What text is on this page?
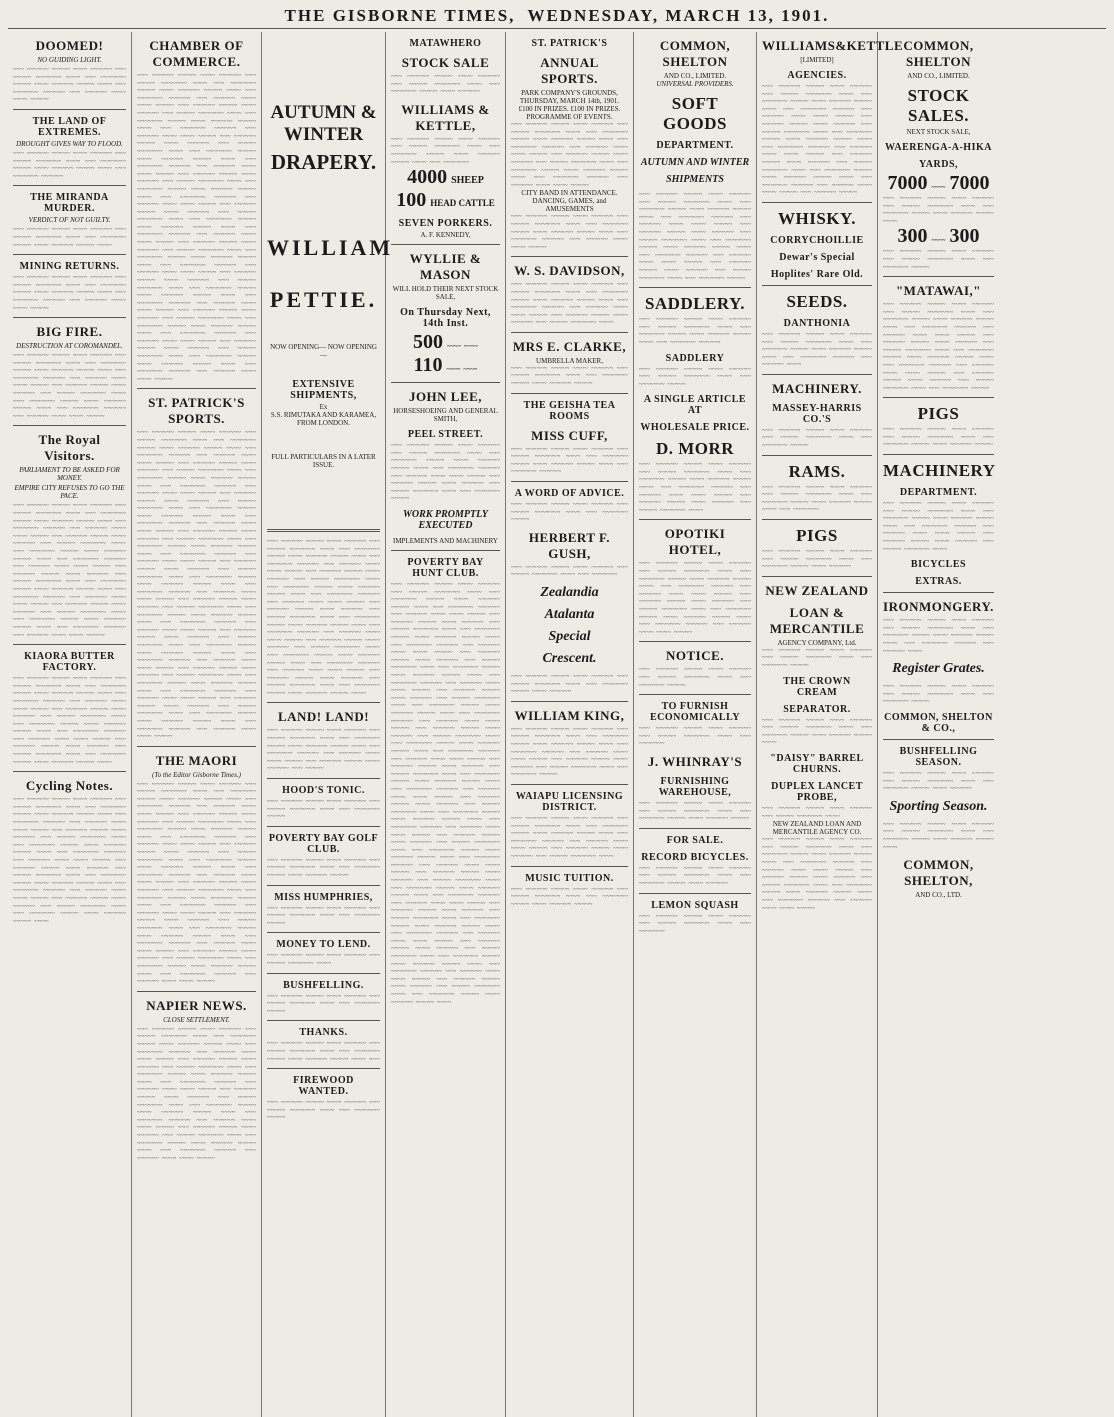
THE GISBORNE TIMES, WEDNESDAY, MARCH 13, 1901.
DOOMED!
NO GUIDING LIGHT.
~~~ ~~~~~~ ~~~~~ ~~~~ ~~~~~~ ~~~ ~~~~~ ~~~~~~~ ~~~~ ~~~ ~~~~~~~ ~~~~~ ~~~~ ~~~~~~ ~~~~~ ~~~~ ~~~ ~~~~~~~ ~~~~~~ ~~~ ~~~~~~ ~~~~ ~~~~ ~~~~~
THE LAND OF EXTREMES.
DROUGHT GIVES WAY TO FLOOD.
~~~ ~~~~~~ ~~~~~ ~~~~ ~~~~~~ ~~~ ~~~~~ ~~~~~~~ ~~~~ ~~~ ~~~~~~~ ~~~~~ ~~~~ ~~~~~~ ~~~~~ ~~~~ ~~~ ~~~~~~~ ~~~~~~
THE MIRANDA MURDER.
VERDICT OF NOT GUILTY.
~~~ ~~~~~~ ~~~~~ ~~~~ ~~~~~~ ~~~ ~~~~~ ~~~~~~~ ~~~~ ~~~ ~~~~~~~ ~~~~~ ~~~~ ~~~~~~ ~~~~~ ~~~~
MINING RETURNS.
~~~ ~~~~~~ ~~~~~ ~~~~ ~~~~~~ ~~~ ~~~~~ ~~~~~~~ ~~~~ ~~~ ~~~~~~~ ~~~~~ ~~~~ ~~~~~~ ~~~~~ ~~~~ ~~~ ~~~~~~~ ~~~~~~ ~~~ ~~~~~~ ~~~~ ~~~~ ~~~~~
BIG FIRE.
DESTRUCTION AT COROMANDEL.
~~~ ~~~~~~ ~~~~~ ~~~~ ~~~~~~ ~~~ ~~~~~ ~~~~~~~ ~~~~ ~~~ ~~~~~~~ ~~~~~ ~~~~ ~~~~~~ ~~~~~ ~~~~ ~~~ ~~~~~~~ ~~~~~~ ~~~ ~~~~~~ ~~~~ ~~~~ ~~~~~ ~~~ ~~~~~~ ~~~~~ ~~~~ ~~~~~~ ~~~ ~~~~~ ~~~~~~~ ~~~~ ~~~ ~~~~~~~ ~~~~~ ~~~~ ~~~~~~ ~~~~~ ~~~~ ~~~ ~~~~~~~ ~~~~~~ ~~~ ~~~~~~ ~~~~ ~~~~ ~~~~~
The Royal Visitors.
PARLIAMENT TO BE ASKED FOR MONEY.
EMPIRE CITY REFUSES TO GO THE PACE.
~~~ ~~~~~~ ~~~~~ ~~~~ ~~~~~~ ~~~ ~~~~~ ~~~~~~~ ~~~~ ~~~ ~~~~~~~ ~~~~~ ~~~~ ~~~~~~ ~~~~~ ~~~~ ~~~ ~~~~~~~ ~~~~~~ ~~~ ~~~~~~ ~~~~ ~~~~ ~~~~~ ~~~ ~~~~~~ ~~~~~ ~~~~ ~~~~~~ ~~~ ~~~~~ ~~~~~~~ ~~~~ ~~~ ~~~~~~~ ~~~~~ ~~~~ ~~~~~~ ~~~~~ ~~~~ ~~~ ~~~~~~~ ~~~~~~ ~~~ ~~~~~~ ~~~~ ~~~~ ~~~~~ ~~~ ~~~~~~ ~~~~~ ~~~~ ~~~~~~ ~~~ ~~~~~ ~~~~~~~ ~~~~ ~~~ ~~~~~~~ ~~~~~ ~~~~ ~~~~~~ ~~~~~ ~~~~ ~~~ ~~~~~~~ ~~~~~~ ~~~ ~~~~~~ ~~~~ ~~~~ ~~~~~ ~~~ ~~~~~~ ~~~~~ ~~~~ ~~~~~~ ~~~ ~~~~~ ~~~~~~~ ~~~~ ~~~ ~~~~~~~ ~~~~~ ~~~~ ~~~~~~ ~~~~~ ~~~~ ~~~ ~~~~~~~ ~~~~~~ ~~~ ~~~~~~ ~~~~ ~~~~ ~~~~~
KIAORA BUTTER FACTORY.
~~~ ~~~~~~ ~~~~~ ~~~~ ~~~~~~ ~~~ ~~~~~ ~~~~~~~ ~~~~ ~~~ ~~~~~~~ ~~~~~ ~~~~ ~~~~~~ ~~~~~ ~~~~ ~~~ ~~~~~~~ ~~~~~~ ~~~ ~~~~~~ ~~~~ ~~~~ ~~~~~ ~~~ ~~~~~~ ~~~~~ ~~~~ ~~~~~~ ~~~ ~~~~~ ~~~~~~~ ~~~~ ~~~ ~~~~~~~ ~~~~~ ~~~~ ~~~~~~ ~~~~~ ~~~~ ~~~ ~~~~~~~ ~~~~~~ ~~~ ~~~~~~ ~~~~ ~~~~ ~~~~~ ~~~ ~~~~~~ ~~~~~ ~~~~ ~~~~~~ ~~~ ~~~~~ ~~~~~~~ ~~~~ ~~~ ~~~~~~~ ~~~~~ ~~~~ ~~~~~~ ~~~~~ ~~~~
Cycling Notes.
~~~ ~~~~~~ ~~~~~ ~~~~ ~~~~~~ ~~~ ~~~~~ ~~~~~~~ ~~~~ ~~~ ~~~~~~~ ~~~~~ ~~~~ ~~~~~~ ~~~~~ ~~~~ ~~~ ~~~~~~~ ~~~~~~ ~~~ ~~~~~~ ~~~~ ~~~~ ~~~~~ ~~~ ~~~~~~ ~~~~~ ~~~~ ~~~~~~ ~~~ ~~~~~ ~~~~~~~ ~~~~ ~~~ ~~~~~~~ ~~~~~ ~~~~ ~~~~~~ ~~~~~ ~~~~ ~~~ ~~~~~~~ ~~~~~~ ~~~ ~~~~~~ ~~~~ ~~~~ ~~~~~ ~~~ ~~~~~~ ~~~~~ ~~~~ ~~~~~~ ~~~ ~~~~~ ~~~~~~~ ~~~~ ~~~ ~~~~~~~ ~~~~~ ~~~~ ~~~~~~ ~~~~~ ~~~~ ~~~ ~~~~~~~ ~~~~~~ ~~~ ~~~~~~ ~~~~ ~~~~ ~~~~~ ~~~ ~~~~~~ ~~~~~ ~~~~ ~~~~~~ ~~~ ~~~~~ ~~~~~~~ ~~~~ ~~~ ~~~~~~~ ~~~~~ ~~~~ ~~~~~~ ~~~~~ ~~~~
CHAMBER OF COMMERCE.
~~~ ~~~~~~ ~~~~~ ~~~~ ~~~~~~ ~~~ ~~~~~ ~~~~~~~ ~~~~ ~~~ ~~~~~~~ ~~~~~ ~~~~ ~~~~~~ ~~~~~ ~~~~ ~~~ ~~~~~~~ ~~~~~~ ~~~ ~~~~~~ ~~~~ ~~~~ ~~~~~ ~~~ ~~~~~~ ~~~~~ ~~~~ ~~~~~~ ~~~ ~~~~~ ~~~~~~~ ~~~~ ~~~ ~~~~~~~ ~~~~~ ~~~~ ~~~~~~ ~~~~~ ~~~~ ~~~ ~~~~~~~ ~~~~~~ ~~~ ~~~~~~ ~~~~ ~~~~ ~~~~~ ~~~ ~~~~~~ ~~~~~ ~~~~ ~~~~~~ ~~~ ~~~~~ ~~~~~~~ ~~~~ ~~~ ~~~~~~~ ~~~~~ ~~~~ ~~~~~~ ~~~~~ ~~~~ ~~~ ~~~~~~~ ~~~~~~ ~~~ ~~~~~~ ~~~~ ~~~~ ~~~~~ ~~~ ~~~~~~ ~~~~~ ~~~~ ~~~~~~ ~~~ ~~~~~ ~~~~~~~ ~~~~ ~~~ ~~~~~~~ ~~~~~ ~~~~ ~~~~~~ ~~~~~ ~~~~ ~~~ ~~~~~~~ ~~~~~~ ~~~ ~~~~~~ ~~~~ ~~~~ ~~~~~ ~~~ ~~~~~~ ~~~~~ ~~~~ ~~~~~~ ~~~ ~~~~~ ~~~~~~~ ~~~~ ~~~ ~~~~~~~ ~~~~~ ~~~~ ~~~~~~ ~~~~~ ~~~~ ~~~ ~~~~~~~ ~~~~~~ ~~~ ~~~~~~ ~~~~ ~~~~ ~~~~~ ~~~ ~~~~~~ ~~~~~ ~~~~ ~~~~~~ ~~~ ~~~~~ ~~~~~~~ ~~~~ ~~~ ~~~~~~~ ~~~~~ ~~~~ ~~~~~~ ~~~~~ ~~~~ ~~~ ~~~~~~~ ~~~~~~ ~~~ ~~~~~~ ~~~~ ~~~~ ~~~~~ ~~~ ~~~~~~ ~~~~~ ~~~~ ~~~~~~ ~~~ ~~~~~ ~~~~~~~ ~~~~ ~~~ ~~~~~~~ ~~~~~ ~~~~ ~~~~~~ ~~~~~ ~~~~ ~~~ ~~~~~~~ ~~~~~~ ~~~ ~~~~~~ ~~~~ ~~~~ ~~~~~ ~~~ ~~~~~~ ~~~~~ ~~~~ ~~~~~~ ~~~ ~~~~~ ~~~~~~~ ~~~~ ~~~ ~~~~~~~ ~~~~~ ~~~~ ~~~~~~ ~~~~~ ~~~~ ~~~ ~~~~~~~ ~~~~~~ ~~~ ~~~~~~ ~~~~ ~~~~ ~~~~~ ~~~ ~~~~~~ ~~~~~ ~~~~ ~~~~~~ ~~~ ~~~~~ ~~~~~~~ ~~~~ ~~~ ~~~~~~~ ~~~~~ ~~~~ ~~~~~~ ~~~~~ ~~~~ ~~~ ~~~~~~~ ~~~~~~ ~~~ ~~~~~~ ~~~~ ~~~~ ~~~~~
ST. PATRICK'S SPORTS.
~~~ ~~~~~~ ~~~~~ ~~~~ ~~~~~~ ~~~ ~~~~~ ~~~~~~~ ~~~~ ~~~ ~~~~~~~ ~~~~~ ~~~~ ~~~~~~ ~~~~~ ~~~~ ~~~ ~~~~~~~ ~~~~~~ ~~~ ~~~~~~ ~~~~ ~~~~ ~~~~~ ~~~ ~~~~~~ ~~~~~ ~~~~ ~~~~~~ ~~~ ~~~~~ ~~~~~~~ ~~~~ ~~~ ~~~~~~~ ~~~~~ ~~~~ ~~~~~~ ~~~~~ ~~~~ ~~~ ~~~~~~~ ~~~~~~ ~~~ ~~~~~~ ~~~~ ~~~~ ~~~~~ ~~~ ~~~~~~ ~~~~~ ~~~~ ~~~~~~ ~~~ ~~~~~ ~~~~~~~ ~~~~ ~~~ ~~~~~~~ ~~~~~ ~~~~ ~~~~~~ ~~~~~ ~~~~ ~~~ ~~~~~~~ ~~~~~~ ~~~ ~~~~~~ ~~~~ ~~~~ ~~~~~ ~~~ ~~~~~~ ~~~~~ ~~~~ ~~~~~~ ~~~ ~~~~~ ~~~~~~~ ~~~~ ~~~ ~~~~~~~ ~~~~~ ~~~~ ~~~~~~ ~~~~~ ~~~~ ~~~ ~~~~~~~ ~~~~~~ ~~~ ~~~~~~ ~~~~ ~~~~ ~~~~~ ~~~ ~~~~~~ ~~~~~ ~~~~ ~~~~~~ ~~~ ~~~~~ ~~~~~~~ ~~~~ ~~~ ~~~~~~~ ~~~~~ ~~~~ ~~~~~~ ~~~~~ ~~~~ ~~~ ~~~~~~~ ~~~~~~ ~~~ ~~~~~~ ~~~~ ~~~~ ~~~~~ ~~~ ~~~~~~ ~~~~~ ~~~~ ~~~~~~ ~~~ ~~~~~ ~~~~~~~ ~~~~ ~~~ ~~~~~~~ ~~~~~ ~~~~ ~~~~~~ ~~~~~ ~~~~ ~~~ ~~~~~~~ ~~~~~~ ~~~ ~~~~~~ ~~~~ ~~~~ ~~~~~ ~~~ ~~~~~~ ~~~~~ ~~~~ ~~~~~~ ~~~ ~~~~~ ~~~~~~~ ~~~~ ~~~ ~~~~~~~ ~~~~~ ~~~~ ~~~~~~ ~~~~~ ~~~~ ~~~ ~~~~~~~ ~~~~~~ ~~~ ~~~~~~ ~~~~ ~~~~ ~~~~~ ~~~ ~~~~~~ ~~~~~ ~~~~ ~~~~~~ ~~~ ~~~~~ ~~~~~~~ ~~~~ ~~~ ~~~~~~~ ~~~~~ ~~~~ ~~~~~~ ~~~~~ ~~~~ ~~~ ~~~~~~~ ~~~~~~ ~~~ ~~~~~~ ~~~~ ~~~~ ~~~~~ ~~~ ~~~~~~ ~~~~~ ~~~~ ~~~~~~ ~~~ ~~~~~ ~~~~~~~ ~~~~ ~~~ ~~~~~~~ ~~~~~ ~~~~ ~~~~~~ ~~~~~ ~~~~ ~~~ ~~~~~~~ ~~~~~~ ~~~ ~~~~~~ ~~~~ ~~~~ ~~~~~
THE MAORI
(To the Editor Gisborne Times.)
~~~ ~~~~~~ ~~~~~ ~~~~ ~~~~~~ ~~~ ~~~~~ ~~~~~~~ ~~~~ ~~~ ~~~~~~~ ~~~~~ ~~~~ ~~~~~~ ~~~~~ ~~~~ ~~~ ~~~~~~~ ~~~~~~ ~~~ ~~~~~~ ~~~~ ~~~~ ~~~~~ ~~~ ~~~~~~ ~~~~~ ~~~~ ~~~~~~ ~~~ ~~~~~ ~~~~~~~ ~~~~ ~~~ ~~~~~~~ ~~~~~ ~~~~ ~~~~~~ ~~~~~ ~~~~ ~~~ ~~~~~~~ ~~~~~~ ~~~ ~~~~~~ ~~~~ ~~~~ ~~~~~ ~~~ ~~~~~~ ~~~~~ ~~~~ ~~~~~~ ~~~ ~~~~~ ~~~~~~~ ~~~~ ~~~ ~~~~~~~ ~~~~~ ~~~~ ~~~~~~ ~~~~~ ~~~~ ~~~ ~~~~~~~ ~~~~~~ ~~~ ~~~~~~ ~~~~ ~~~~ ~~~~~ ~~~ ~~~~~~ ~~~~~ ~~~~ ~~~~~~ ~~~ ~~~~~ ~~~~~~~ ~~~~ ~~~ ~~~~~~~ ~~~~~ ~~~~ ~~~~~~ ~~~~~ ~~~~ ~~~ ~~~~~~~ ~~~~~~ ~~~ ~~~~~~ ~~~~ ~~~~ ~~~~~ ~~~ ~~~~~~ ~~~~~ ~~~~ ~~~~~~ ~~~ ~~~~~ ~~~~~~~ ~~~~ ~~~ ~~~~~~~ ~~~~~ ~~~~ ~~~~~~ ~~~~~ ~~~~ ~~~ ~~~~~~~ ~~~~~~ ~~~ ~~~~~~ ~~~~ ~~~~ ~~~~~ ~~~ ~~~~~~ ~~~~~ ~~~~ ~~~~~~ ~~~ ~~~~~ ~~~~~~~ ~~~~ ~~~ ~~~~~~~ ~~~~~ ~~~~ ~~~~~~ ~~~~~ ~~~~ ~~~ ~~~~~~~ ~~~~~~ ~~~ ~~~~~~ ~~~~ ~~~~ ~~~~~
NAPIER NEWS.
CLOSE SETTLEMENT.
~~~ ~~~~~~ ~~~~~ ~~~~ ~~~~~~ ~~~ ~~~~~ ~~~~~~~ ~~~~ ~~~ ~~~~~~~ ~~~~~ ~~~~ ~~~~~~ ~~~~~ ~~~~ ~~~ ~~~~~~~ ~~~~~~ ~~~ ~~~~~~ ~~~~ ~~~~ ~~~~~ ~~~ ~~~~~~ ~~~~~ ~~~~ ~~~~~~ ~~~ ~~~~~ ~~~~~~~ ~~~~ ~~~ ~~~~~~~ ~~~~~ ~~~~ ~~~~~~ ~~~~~ ~~~~ ~~~ ~~~~~~~ ~~~~~~ ~~~ ~~~~~~ ~~~~ ~~~~ ~~~~~ ~~~ ~~~~~~ ~~~~~ ~~~~ ~~~~~~ ~~~ ~~~~~ ~~~~~~~ ~~~~ ~~~ ~~~~~~~ ~~~~~ ~~~~ ~~~~~~ ~~~~~ ~~~~ ~~~ ~~~~~~~ ~~~~~~ ~~~ ~~~~~~ ~~~~ ~~~~ ~~~~~ ~~~ ~~~~~~ ~~~~~ ~~~~ ~~~~~~ ~~~ ~~~~~ ~~~~~~~ ~~~~ ~~~ ~~~~~~~ ~~~~~ ~~~~ ~~~~~~ ~~~~~ ~~~~ ~~~ ~~~~~~~ ~~~~~~ ~~~ ~~~~~~ ~~~~ ~~~~ ~~~~~
AUTUMN & WINTER
DRAPERY.
WILLIAM
PETTIE.
NOW OPENING— NOW OPENING—
EXTENSIVE SHIPMENTS,
Ex
S.S. RIMUTAKA AND KARAMEA,
FROM LONDON.
FULL PARTICULARS IN A LATER ISSUE.
~~~ ~~~~~~ ~~~~~ ~~~~ ~~~~~~ ~~~ ~~~~~ ~~~~~~~ ~~~~ ~~~ ~~~~~~~ ~~~~~ ~~~~ ~~~~~~ ~~~~~ ~~~~ ~~~ ~~~~~~~ ~~~~~~ ~~~ ~~~~~~ ~~~~ ~~~~ ~~~~~ ~~~ ~~~~~~ ~~~~~ ~~~~ ~~~~~~ ~~~ ~~~~~ ~~~~~~~ ~~~~ ~~~ ~~~~~~~ ~~~~~ ~~~~ ~~~~~~ ~~~~~ ~~~~ ~~~ ~~~~~~~ ~~~~~~ ~~~ ~~~~~~ ~~~~ ~~~~ ~~~~~ ~~~ ~~~~~~ ~~~~~ ~~~~ ~~~~~~ ~~~ ~~~~~ ~~~~~~~ ~~~~ ~~~ ~~~~~~~ ~~~~~ ~~~~ ~~~~~~ ~~~~~ ~~~~ ~~~ ~~~~~~~ ~~~~~~ ~~~ ~~~~~~ ~~~~ ~~~~ ~~~~~ ~~~ ~~~~~~ ~~~~~ ~~~~ ~~~~~~ ~~~ ~~~~~ ~~~~~~~ ~~~~ ~~~ ~~~~~~~ ~~~~~ ~~~~ ~~~~~~ ~~~~~ ~~~~ ~~~ ~~~~~~~ ~~~~~~ ~~~ ~~~~~~ ~~~~ ~~~~ ~~~~~ ~~~ ~~~~~~ ~~~~~ ~~~~ ~~~~~~ ~~~ ~~~~~ ~~~~~~~ ~~~~ ~~~ ~~~~~~~ ~~~~~ ~~~~ ~~~~~~ ~~~~~ ~~~~
LAND! LAND!
~~~ ~~~~~~ ~~~~~ ~~~~ ~~~~~~ ~~~ ~~~~~ ~~~~~~~ ~~~~ ~~~ ~~~~~~~ ~~~~~ ~~~~ ~~~~~~ ~~~~~ ~~~~ ~~~ ~~~~~~~ ~~~~~~ ~~~ ~~~~~~ ~~~~ ~~~~ ~~~~~ ~~~ ~~~~~~ ~~~~~ ~~~~ ~~~~~~ ~~~ ~~~~~
HOOD'S TONIC.
~~~ ~~~~~~ ~~~~~ ~~~~ ~~~~~~ ~~~ ~~~~~ ~~~~~~~ ~~~~ ~~~ ~~~~~~~ ~~~~~
POVERTY BAY GOLF CLUB.
~~~ ~~~~~~ ~~~~~ ~~~~ ~~~~~~ ~~~ ~~~~~ ~~~~~~~ ~~~~ ~~~ ~~~~~~~ ~~~~~ ~~~~ ~~~~~~ ~~~~~
MISS HUMPHRIES,
~~~ ~~~~~~ ~~~~~ ~~~~ ~~~~~~ ~~~ ~~~~~ ~~~~~~~ ~~~~ ~~~ ~~~~~~~ ~~~~~
MONEY TO LEND.
~~~ ~~~~~~ ~~~~~ ~~~~ ~~~~~~ ~~~ ~~~~~ ~~~~~~~ ~~~~
BUSHFELLING.
~~~ ~~~~~~ ~~~~~ ~~~~ ~~~~~~ ~~~ ~~~~~ ~~~~~~~ ~~~~ ~~~ ~~~~~~~ ~~~~~
THANKS.
~~~ ~~~~~~ ~~~~~ ~~~~ ~~~~~~ ~~~ ~~~~~ ~~~~~~~ ~~~~ ~~~ ~~~~~~~ ~~~~~ ~~~~ ~~~~~~ ~~~~~ ~~~~ ~~~
FIREWOOD WANTED.
~~~ ~~~~~~ ~~~~~ ~~~~ ~~~~~~ ~~~ ~~~~~ ~~~~~~~ ~~~~ ~~~ ~~~~~~~ ~~~~~
MATAWHERO
STOCK SALE
~~~ ~~~~~~ ~~~~~ ~~~~ ~~~~~~ ~~~ ~~~~~ ~~~~~~~ ~~~~ ~~~ ~~~~~~~ ~~~~~ ~~~~ ~~~~~~
WILLIAMS & KETTLE,
~~~ ~~~~~~ ~~~~~ ~~~~ ~~~~~~ ~~~ ~~~~~ ~~~~~~~ ~~~~ ~~~ ~~~~~~~ ~~~~~ ~~~~ ~~~~~~ ~~~~~ ~~~~ ~~~ ~~~~~~~
4000 SHEEP
100 HEAD CATTLE
SEVEN PORKERS.
A. F. KENNEDY,
WYLLIE & MASON
WILL HOLD THEIR NEXT STOCK SALE,
On Thursday Next, 14th Inst.
500 ~~~~ ~~~~
110 ~~~~ ~~~~
JOHN LEE,
HORSESHOEING AND GENERAL SMITH,
PEEL STREET.
~~~ ~~~~~~ ~~~~~ ~~~~ ~~~~~~ ~~~ ~~~~~ ~~~~~~~ ~~~~ ~~~ ~~~~~~~ ~~~~~ ~~~~ ~~~~~~ ~~~~~ ~~~~ ~~~ ~~~~~~~ ~~~~~~ ~~~ ~~~~~~ ~~~~ ~~~~ ~~~~~ ~~~ ~~~~~~ ~~~~~ ~~~~ ~~~~~~ ~~~ ~~~~~ ~~~~~~~ ~~~~ ~~~ ~~~~~~~ ~~~~~
WORK PROMPTLY EXECUTED
IMPLEMENTS AND MACHINERY
POVERTY BAY HUNT CLUB.
~~~ ~~~~~~ ~~~~~ ~~~~ ~~~~~~ ~~~ ~~~~~ ~~~~~~~ ~~~~ ~~~ ~~~~~~~ ~~~~~ ~~~~ ~~~~~~ ~~~~~ ~~~~ ~~~ ~~~~~~~ ~~~~~~ ~~~ ~~~~~~ ~~~~ ~~~~ ~~~~~ ~~~ ~~~~~~ ~~~~~ ~~~~ ~~~~~~ ~~~ ~~~~~ ~~~~~~~ ~~~~ ~~~ ~~~~~~~ ~~~~~ ~~~~ ~~~~~~ ~~~~~ ~~~~ ~~~ ~~~~~~~ ~~~~~~ ~~~ ~~~~~~ ~~~~ ~~~~ ~~~~~ ~~~ ~~~~~~ ~~~~~ ~~~~ ~~~~~~ ~~~ ~~~~~ ~~~~~~~ ~~~~ ~~~ ~~~~~~~ ~~~~~ ~~~~ ~~~~~~ ~~~~~ ~~~~ ~~~ ~~~~~~~ ~~~~~~ ~~~ ~~~~~~ ~~~~ ~~~~ ~~~~~ ~~~ ~~~~~~ ~~~~~ ~~~~ ~~~~~~ ~~~ ~~~~~ ~~~~~~~ ~~~~ ~~~ ~~~~~~~ ~~~~~ ~~~~ ~~~~~~ ~~~~~ ~~~~ ~~~ ~~~~~~~ ~~~~~~ ~~~ ~~~~~~ ~~~~ ~~~~ ~~~~~ ~~~ ~~~~~~ ~~~~~ ~~~~ ~~~~~~ ~~~ ~~~~~ ~~~~~~~ ~~~~ ~~~ ~~~~~~~ ~~~~~ ~~~~ ~~~~~~ ~~~~~ ~~~~ ~~~ ~~~~~~~ ~~~~~~ ~~~ ~~~~~~ ~~~~ ~~~~ ~~~~~ ~~~ ~~~~~~ ~~~~~ ~~~~ ~~~~~~ ~~~ ~~~~~ ~~~~~~~ ~~~~ ~~~ ~~~~~~~ ~~~~~ ~~~~ ~~~~~~ ~~~~~ ~~~~ ~~~ ~~~~~~~ ~~~~~~ ~~~ ~~~~~~ ~~~~ ~~~~ ~~~~~ ~~~ ~~~~~~ ~~~~~ ~~~~ ~~~~~~ ~~~ ~~~~~ ~~~~~~~ ~~~~ ~~~ ~~~~~~~ ~~~~~ ~~~~ ~~~~~~ ~~~~~ ~~~~ ~~~ ~~~~~~~ ~~~~~~ ~~~ ~~~~~~ ~~~~ ~~~~ ~~~~~ ~~~ ~~~~~~ ~~~~~ ~~~~ ~~~~~~ ~~~ ~~~~~ ~~~~~~~ ~~~~ ~~~ ~~~~~~~ ~~~~~ ~~~~ ~~~~~~ ~~~~~ ~~~~ ~~~ ~~~~~~~ ~~~~~~ ~~~ ~~~~~~ ~~~~ ~~~~ ~~~~~ ~~~ ~~~~~~ ~~~~~ ~~~~ ~~~~~~ ~~~ ~~~~~ ~~~~~~~ ~~~~ ~~~ ~~~~~~~ ~~~~~ ~~~~ ~~~~~~ ~~~~~ ~~~~ ~~~ ~~~~~~~ ~~~~~~ ~~~ ~~~~~~ ~~~~ ~~~~ ~~~~~ ~~~ ~~~~~~ ~~~~~ ~~~~ ~~~~~~ ~~~ ~~~~~ ~~~~~~~ ~~~~ ~~~ ~~~~~~~ ~~~~~ ~~~~ ~~~~~~ ~~~~~ ~~~~ ~~~ ~~~~~~~ ~~~~~~ ~~~ ~~~~~~ ~~~~ ~~~~ ~~~~~ ~~~ ~~~~~~ ~~~~~ ~~~~ ~~~~~~ ~~~ ~~~~~ ~~~~~~~ ~~~~ ~~~ ~~~~~~~ ~~~~~ ~~~~ ~~~~~~ ~~~~~ ~~~~ ~~~ ~~~~~~~ ~~~~~~ ~~~ ~~~~~~ ~~~~ ~~~~ ~~~~~ ~~~ ~~~~~~ ~~~~~ ~~~~ ~~~~~~ ~~~ ~~~~~ ~~~~~~~ ~~~~ ~~~ ~~~~~~~ ~~~~~ ~~~~ ~~~~~~ ~~~~~ ~~~~
ST. PATRICK'S
ANNUAL SPORTS.
PARK COMPANY'S GROUNDS,
THURSDAY, MARCH 14th, 1901.
£100 IN PRIZES. £100 IN PRIZES.
PROGRAMME OF EVENTS.
~~~ ~~~~~~ ~~~~~ ~~~~ ~~~~~~ ~~~ ~~~~~ ~~~~~~~ ~~~~ ~~~ ~~~~~~~ ~~~~~ ~~~~ ~~~~~~ ~~~~~ ~~~~ ~~~ ~~~~~~~ ~~~~~~ ~~~ ~~~~~~ ~~~~ ~~~~ ~~~~~ ~~~ ~~~~~~ ~~~~~ ~~~~ ~~~~~~ ~~~ ~~~~~ ~~~~~~~ ~~~~ ~~~ ~~~~~~~ ~~~~~ ~~~~ ~~~~~~ ~~~~~ ~~~~ ~~~ ~~~~~~~ ~~~~~~ ~~~ ~~~~~~ ~~~~ ~~~~ ~~~~~
CITY BAND IN ATTENDANCE.
DANCING, GAMES, and AMUSEMENTS
~~~ ~~~~~~ ~~~~~ ~~~~ ~~~~~~ ~~~ ~~~~~ ~~~~~~~ ~~~~ ~~~ ~~~~~~~ ~~~~~ ~~~~ ~~~~~~ ~~~~~ ~~~~ ~~~ ~~~~~~~ ~~~~~~ ~~~ ~~~~~~ ~~~~ ~~~~ ~~~~~
W. S. DAVIDSON,
~~~ ~~~~~~ ~~~~~ ~~~~ ~~~~~~ ~~~ ~~~~~ ~~~~~~~ ~~~~ ~~~ ~~~~~~~ ~~~~~ ~~~~ ~~~~~~ ~~~~~ ~~~~ ~~~ ~~~~~~~ ~~~~~~ ~~~ ~~~~~~ ~~~~ ~~~~ ~~~~~ ~~~ ~~~~~~ ~~~~~ ~~~~ ~~~~~~ ~~~ ~~~~~ ~~~~~~~ ~~~~
MRS E. CLARKE,
UMBRELLA MAKER,
~~~ ~~~~~~ ~~~~~ ~~~~ ~~~~~~ ~~~ ~~~~~ ~~~~~~~ ~~~~ ~~~ ~~~~~~~ ~~~~~ ~~~~ ~~~~~~ ~~~~~
THE GEISHA TEA ROOMS
MISS CUFF,
~~~ ~~~~~~ ~~~~~ ~~~~ ~~~~~~ ~~~ ~~~~~ ~~~~~~~ ~~~~ ~~~ ~~~~~~~ ~~~~~ ~~~~ ~~~~~~ ~~~~~ ~~~~ ~~~ ~~~~~~~ ~~~~~~
A WORD OF ADVICE.
~~~ ~~~~~~ ~~~~~ ~~~~ ~~~~~~ ~~~ ~~~~~ ~~~~~~~ ~~~~ ~~~ ~~~~~~~ ~~~~~
HERBERT F. GUSH,
~~~ ~~~~~~ ~~~~~ ~~~~ ~~~~~~ ~~~ ~~~~~ ~~~~~~~ ~~~~ ~~~ ~~~~~~~
Zealandia
Atalanta
Special
Crescent.
~~~ ~~~~~~ ~~~~~ ~~~~ ~~~~~~ ~~~ ~~~~~ ~~~~~~~ ~~~~ ~~~ ~~~~~~~ ~~~~~ ~~~~ ~~~~~~
WILLIAM KING,
~~~ ~~~~~~ ~~~~~ ~~~~ ~~~~~~ ~~~ ~~~~~ ~~~~~~~ ~~~~ ~~~ ~~~~~~~ ~~~~~ ~~~~ ~~~~~~ ~~~~~ ~~~~ ~~~ ~~~~~~~ ~~~~~~ ~~~ ~~~~~~ ~~~~ ~~~~ ~~~~~ ~~~ ~~~~~~ ~~~~~ ~~~~ ~~~~~~ ~~~ ~~~~~ ~~~~~~~ ~~~~ ~~~ ~~~~~~~ ~~~~~
WAIAPU LICENSING DISTRICT.
~~~ ~~~~~~ ~~~~~ ~~~~ ~~~~~~ ~~~ ~~~~~ ~~~~~~~ ~~~~ ~~~ ~~~~~~~ ~~~~~ ~~~~ ~~~~~~ ~~~~~ ~~~~ ~~~ ~~~~~~~ ~~~~~~ ~~~ ~~~~~~ ~~~~ ~~~~ ~~~~~ ~~~ ~~~~~~ ~~~~~ ~~~~ ~~~~~~ ~~~ ~~~~~ ~~~~~~~ ~~~~
MUSIC TUITION.
~~~ ~~~~~~ ~~~~~ ~~~~ ~~~~~~ ~~~ ~~~~~ ~~~~~~~ ~~~~ ~~~ ~~~~~~~ ~~~~~ ~~~~ ~~~~~~ ~~~~~
COMMON, SHELTON
AND CO., LIMITED.
UNIVERSAL PROVIDERS.
SOFT GOODS
DEPARTMENT.
AUTUMN AND WINTER
SHIPMENTS
~~~ ~~~~~~ ~~~~~ ~~~~ ~~~~~~ ~~~ ~~~~~ ~~~~~~~ ~~~~ ~~~ ~~~~~~~ ~~~~~ ~~~~ ~~~~~~ ~~~~~ ~~~~ ~~~ ~~~~~~~ ~~~~~~ ~~~ ~~~~~~ ~~~~ ~~~~ ~~~~~ ~~~ ~~~~~~ ~~~~~ ~~~~ ~~~~~~ ~~~ ~~~~~ ~~~~~~~ ~~~~ ~~~ ~~~~~~~ ~~~~~ ~~~~ ~~~~~~ ~~~~~ ~~~~ ~~~ ~~~~~~~ ~~~~~~ ~~~ ~~~~~~ ~~~~ ~~~~ ~~~~~ ~~~ ~~~~~~ ~~~~~ ~~~~ ~~~~~~ ~~~ ~~~~~ ~~~~~~~ ~~~~ ~~~ ~~~~~~~ ~~~~~
SADDLERY.
~~~ ~~~~~~ ~~~~~ ~~~~ ~~~~~~ ~~~ ~~~~~ ~~~~~~~ ~~~~ ~~~ ~~~~~~~ ~~~~~ ~~~~ ~~~~~~ ~~~~~ ~~~~ ~~~ ~~~~~~~ ~~~~~~
SADDLERY
~~~ ~~~~~~ ~~~~~ ~~~~ ~~~~~~ ~~~ ~~~~~ ~~~~~~~ ~~~~ ~~~ ~~~~~~~ ~~~~~
A SINGLE ARTICLE AT
WHOLESALE PRICE.
D. MORR
~~~ ~~~~~~ ~~~~~ ~~~~ ~~~~~~ ~~~ ~~~~~ ~~~~~~~ ~~~~ ~~~ ~~~~~~~ ~~~~~ ~~~~ ~~~~~~ ~~~~~ ~~~~ ~~~ ~~~~~~~ ~~~~~~ ~~~ ~~~~~~ ~~~~ ~~~~ ~~~~~ ~~~ ~~~~~~ ~~~~~ ~~~~ ~~~~~~ ~~~ ~~~~~ ~~~~~~~ ~~~~
OPOTIKI HOTEL,
~~~ ~~~~~~ ~~~~~ ~~~~ ~~~~~~ ~~~ ~~~~~ ~~~~~~~ ~~~~ ~~~ ~~~~~~~ ~~~~~ ~~~~ ~~~~~~ ~~~~~ ~~~~ ~~~ ~~~~~~~ ~~~~~~ ~~~ ~~~~~~ ~~~~ ~~~~ ~~~~~ ~~~ ~~~~~~ ~~~~~ ~~~~ ~~~~~~ ~~~ ~~~~~ ~~~~~~~ ~~~~ ~~~ ~~~~~~~ ~~~~~ ~~~~ ~~~~~~ ~~~~~ ~~~~ ~~~ ~~~~~~~ ~~~~~~ ~~~ ~~~~~~ ~~~~ ~~~~ ~~~~~
NOTICE.
~~~ ~~~~~~ ~~~~~ ~~~~ ~~~~~~ ~~~ ~~~~~ ~~~~~~~ ~~~~ ~~~ ~~~~~~~ ~~~~~
TO FURNISH ECONOMICALLY
~~~ ~~~~~~ ~~~~~ ~~~~ ~~~~~~ ~~~ ~~~~~ ~~~~~~~ ~~~~ ~~~ ~~~~~~~
J. WHINRAY'S
FURNISHING WAREHOUSE,
~~~ ~~~~~~ ~~~~~ ~~~~ ~~~~~~ ~~~ ~~~~~ ~~~~~~~ ~~~~ ~~~ ~~~~~~~ ~~~~~ ~~~~ ~~~~~~ ~~~~~
FOR SALE.
RECORD BICYCLES.
~~~ ~~~~~~ ~~~~~ ~~~~ ~~~~~~ ~~~ ~~~~~ ~~~~~~~ ~~~~ ~~~ ~~~~~~~ ~~~~~ ~~~~ ~~~~~~
LEMON SQUASH
~~~ ~~~~~~ ~~~~~ ~~~~ ~~~~~~ ~~~ ~~~~~ ~~~~~~~ ~~~~ ~~~ ~~~~~~~
WILLIAMS&KETTLE
[LIMITED]
AGENCIES.
~~~ ~~~~~~ ~~~~~ ~~~~ ~~~~~~ ~~~ ~~~~~ ~~~~~~~ ~~~~ ~~~ ~~~~~~~ ~~~~~ ~~~~ ~~~~~~ ~~~~~ ~~~~ ~~~ ~~~~~~~ ~~~~~~ ~~~ ~~~~~~ ~~~~ ~~~~ ~~~~~ ~~~ ~~~~~~ ~~~~~ ~~~~ ~~~~~~ ~~~ ~~~~~ ~~~~~~~ ~~~~ ~~~ ~~~~~~~ ~~~~~ ~~~~ ~~~~~~ ~~~~~ ~~~~ ~~~ ~~~~~~~ ~~~~~~ ~~~ ~~~~~~ ~~~~ ~~~~ ~~~~~ ~~~ ~~~~~~ ~~~~~ ~~~~ ~~~~~~ ~~~ ~~~~~ ~~~~~~~ ~~~~ ~~~ ~~~~~~~ ~~~~~ ~~~~ ~~~~~~ ~~~~~ ~~~~ ~~~ ~~~~~~~ ~~~~~~ ~~~ ~~~~~~ ~~~~ ~~~~ ~~~~~ ~~~ ~~~~~~ ~~~~~
WHISKY.
CORRYCHOILLIE
Dewar's Special
Hoplites' Rare Old.
SEEDS.
DANTHONIA
~~~ ~~~~~~ ~~~~~ ~~~~ ~~~~~~ ~~~ ~~~~~ ~~~~~~~ ~~~~ ~~~ ~~~~~~~ ~~~~~ ~~~~ ~~~~~~ ~~~~~ ~~~~ ~~~ ~~~~~~~ ~~~~~~ ~~~ ~~~~~~ ~~~~
MACHINERY.
MASSEY-HARRIS CO.'S
~~~ ~~~~~~ ~~~~~ ~~~~ ~~~~~~ ~~~ ~~~~~ ~~~~~~~ ~~~~ ~~~ ~~~~~~~ ~~~~~
RAMS.
~~~ ~~~~~~ ~~~~~ ~~~~ ~~~~~~ ~~~ ~~~~~ ~~~~~~~ ~~~~ ~~~ ~~~~~~~ ~~~~~ ~~~~ ~~~~~~ ~~~~~ ~~~~ ~~~ ~~~~~~~
PIGS
~~~ ~~~~~~ ~~~~~ ~~~~ ~~~~~~ ~~~ ~~~~~ ~~~~~~~ ~~~~ ~~~ ~~~~~~~ ~~~~~ ~~~~ ~~~~~~
NEW ZEALAND
LOAN & MERCANTILE
AGENCY COMPANY, Ltd.
~~~ ~~~~~~ ~~~~~ ~~~~ ~~~~~~ ~~~ ~~~~~ ~~~~~~~ ~~~~ ~~~ ~~~~~~~ ~~~~~
THE CROWN CREAM
SEPARATOR.
~~~ ~~~~~~ ~~~~~ ~~~~ ~~~~~~ ~~~ ~~~~~ ~~~~~~~ ~~~~ ~~~ ~~~~~~~ ~~~~~ ~~~~ ~~~~~~ ~~~~~ ~~~~
"DAISY" BARREL CHURNS.
DUPLEX LANCET PROBE,
~~~ ~~~~~~ ~~~~~ ~~~~ ~~~~~~ ~~~ ~~~~~ ~~~~~~~ ~~~~
NEW ZEALAND LOAN AND MERCANTILE AGENCY CO.
~~~ ~~~~~~ ~~~~~ ~~~~ ~~~~~~ ~~~ ~~~~~ ~~~~~~~ ~~~~ ~~~ ~~~~~~~ ~~~~~ ~~~~ ~~~~~~ ~~~~~ ~~~~ ~~~ ~~~~~~~ ~~~~~~ ~~~ ~~~~~~ ~~~~ ~~~~ ~~~~~ ~~~ ~~~~~~ ~~~~~ ~~~~ ~~~~~~ ~~~ ~~~~~ ~~~~~~~ ~~~~ ~~~ ~~~~~~~ ~~~~~ ~~~~ ~~~~~~ ~~~~~ ~~~~ ~~~ ~~~~~~~ ~~~~~~ ~~~ ~~~~~~ ~~~~ ~~~~ ~~~~~
COMMON, SHELTON
AND CO., LIMITED.
STOCK SALES.
NEXT STOCK SALE,
WAERENGA-A-HIKA
YARDS,
7000 ~~~~ 7000
~~~ ~~~~~~ ~~~~~ ~~~~ ~~~~~~ ~~~ ~~~~~ ~~~~~~~ ~~~~ ~~~ ~~~~~~~ ~~~~~ ~~~~ ~~~~~~ ~~~~~ ~~~~
300 ~~~~ 300
~~~ ~~~~~~ ~~~~~ ~~~~ ~~~~~~ ~~~ ~~~~~ ~~~~~~~ ~~~~ ~~~ ~~~~~~~ ~~~~~
"MATAWAI,"
~~~ ~~~~~~ ~~~~~ ~~~~ ~~~~~~ ~~~ ~~~~~ ~~~~~~~ ~~~~ ~~~ ~~~~~~~ ~~~~~ ~~~~ ~~~~~~ ~~~~~ ~~~~ ~~~ ~~~~~~~ ~~~~~~ ~~~ ~~~~~~ ~~~~ ~~~~ ~~~~~ ~~~ ~~~~~~ ~~~~~ ~~~~ ~~~~~~ ~~~ ~~~~~ ~~~~~~~ ~~~~ ~~~ ~~~~~~~ ~~~~~ ~~~~ ~~~~~~ ~~~~~ ~~~~ ~~~ ~~~~~~~ ~~~~~~ ~~~ ~~~~~~ ~~~~ ~~~~ ~~~~~ ~~~ ~~~~~~ ~~~~~ ~~~~ ~~~~~~ ~~~ ~~~~~ ~~~~~~~ ~~~~ ~~~ ~~~~~~~ ~~~~~
PIGS
~~~ ~~~~~~ ~~~~~ ~~~~ ~~~~~~ ~~~ ~~~~~ ~~~~~~~ ~~~~ ~~~ ~~~~~~~ ~~~~~ ~~~~ ~~~~~~ ~~~~~
MACHINERY
DEPARTMENT.
~~~ ~~~~~~ ~~~~~ ~~~~ ~~~~~~ ~~~ ~~~~~ ~~~~~~~ ~~~~ ~~~ ~~~~~~~ ~~~~~ ~~~~ ~~~~~~ ~~~~~ ~~~~ ~~~ ~~~~~~~ ~~~~~~ ~~~ ~~~~~~ ~~~~ ~~~~ ~~~~~ ~~~ ~~~~~~ ~~~~~ ~~~~ ~~~~~~ ~~~ ~~~~~ ~~~~~~~ ~~~~
BICYCLES
EXTRAS.
IRONMONGERY.
~~~ ~~~~~~ ~~~~~ ~~~~ ~~~~~~ ~~~ ~~~~~ ~~~~~~~ ~~~~ ~~~ ~~~~~~~ ~~~~~ ~~~~ ~~~~~~ ~~~~~ ~~~~ ~~~ ~~~~~~~ ~~~~~~ ~~~ ~~~~~~ ~~~~
Register Grates.
~~~ ~~~~~~ ~~~~~ ~~~~ ~~~~~~ ~~~ ~~~~~ ~~~~~~~ ~~~~ ~~~ ~~~~~~~ ~~~~~
COMMON, SHELTON & CO.,
BUSHFELLING SEASON.
~~~ ~~~~~~ ~~~~~ ~~~~ ~~~~~~ ~~~ ~~~~~ ~~~~~~~ ~~~~ ~~~ ~~~~~~~ ~~~~~ ~~~~ ~~~~~~
Sporting Season.
~~~ ~~~~~~ ~~~~~ ~~~~ ~~~~~~ ~~~ ~~~~~ ~~~~~~~ ~~~~ ~~~ ~~~~~~~ ~~~~~ ~~~~ ~~~~~~ ~~~~~ ~~~~
COMMON, SHELTON,
AND CO., LTD.
